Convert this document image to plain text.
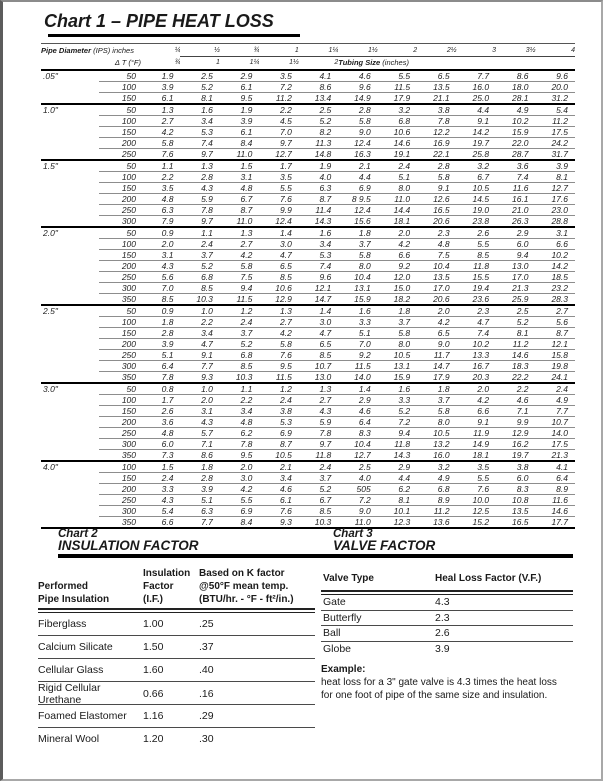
Chart 1 – PIPE HEAT LOSS
Pipe Diameter (IPS) inches		¼	½	¾	1	1¼	1½	2	2½	3	3½	4
Δ T (°F)		¾	1	1¼	1½	2	Tubing Size (inches)					
.05"	50	1.9	2.5	2.9	3.5	4.1	4.6	5.5	6.5	7.7	8.6	9.6
	100	3.9	5.2	6.1	7.2	8.6	9.6	11.5	13.5	16.0	18.0	20.0
	150	6.1	8.1	9.5	11.2	13.4	14.9	17.9	21.1	25.0	28.1	31.2
1.0"	50	1.3	1.6	1.9	2.2	2.5	2.8	3.2	3.8	4.4	4.9	5.4
	100	2.7	3.4	3.9	4.5	5.2	5.8	6.8	7.8	9.1	10.2	11.2
	150	4.2	5.3	6.1	7.0	8.2	9.0	10.6	12.2	14.2	15.9	17.5
	200	5.8	7.4	8.4	9.7	11.3	12.4	14.6	16.9	19.7	22.0	24.2
	250	7.6	9.7	11.0	12.7	14.8	16.3	19.1	22.1	25.8	28.7	31.7
1.5"	50	1.1	1.3	1.5	1.7	1.9	2.1	2.4	2.8	3.2	3.6	3.9
	100	2.2	2.8	3.1	3.5	4.0	4.4	5.1	5.8	6.7	7.4	8.1
	150	3.5	4.3	4.8	5.5	6.3	6.9	8.0	9.1	10.5	11.6	12.7
	200	4.8	5.9	6.7	7.6	8.7	8 9.5	11.0	12.6	14.5	16.1	17.6
	250	6.3	7.8	8.7	9.9	11.4	12.4	14.4	16.5	19.0	21.0	23.0
	300	7.9	9.7	11.0	12.4	14.3	15.6	18.1	20.6	23.8	26.3	28.8
2.0"	50	0.9	1.1	1.3	1.4	1.6	1.8	2.0	2.3	2.6	2.9	3.1
	100	2.0	2.4	2.7	3.0	3.4	3.7	4.2	4.8	5.5	6.0	6.6
	150	3.1	3.7	4.2	4.7	5.3	5.8	6.6	7.5	8.5	9.4	10.2
	200	4.3	5.2	5.8	6.5	7.4	8.0	9.2	10.4	11.8	13.0	14.2
	250	5.6	6.8	7.5	8.5	9.6	10.4	12.0	13.5	15.5	17.0	18.5
	300	7.0	8.5	9.4	10.6	12.1	13.1	15.0	17.0	19.4	21.3	23.2
	350	8.5	10.3	11.5	12.9	14.7	15.9	18.2	20.6	23.6	25.9	28.3
2.5"	50	0.9	1.0	1.2	1.3	1.4	1.6	1.8	2.0	2.3	2.5	2.7
	100	1.8	2.2	2.4	2.7	3.0	3.3	3.7	4.2	4.7	5.2	5.6
	150	2.8	3.4	3.7	4.2	4.7	5.1	5.8	6.5	7.4	8.1	8.7
	200	3.9	4.7	5.2	5.8	6.5	7.0	8.0	9.0	10.2	11.2	12.1
	250	5.1	9.1	6.8	7.6	8.5	9.2	10.5	11.7	13.3	14.6	15.8
	300	6.4	7.7	8.5	9.5	10.7	11.5	13.1	14.7	16.7	18.3	19.8
	350	7.8	9.3	10.3	11.5	13.0	14.0	15.9	17.9	20.3	22.2	24.1
3.0"	50	0.8	1.0	1.1	1.2	1.3	1.4	1.6	1.8	2.0	2.2	2.4
	100	1.7	2.0	2.2	2.4	2.7	2.9	3.3	3.7	4.2	4.6	4.9
	150	2.6	3.1	3.4	3.8	4.3	4.6	5.2	5.8	6.6	7.1	7.7
	200	3.6	4.3	4.8	5.3	5.9	6.4	7.2	8.0	9.1	9.9	10.7
	250	4.8	5.7	6.2	6.9	7.8	8.3	9.4	10.5	11.9	12.9	14.0
	300	6.0	7.1	7.8	8.7	9.7	10.4	11.8	13.2	14.9	16.2	17.5
	350	7.3	8.6	9.5	10.5	11.8	12.7	14.3	16.0	18.1	19.7	21.3
4.0"	100	1.5	1.8	2.0	2.1	2.4	2.5	2.9	3.2	3.5	3.8	4.1
	150	2.4	2.8	3.0	3.4	3.7	4.0	4.4	4.9	5.5	6.0	6.4
	200	3.3	3.9	4.2	4.6	5.2	505	6.2	6.8	7.6	8.3	8.9
	250	4.3	5.1	5.5	6.1	6.7	7.2	8.1	8.9	10.0	10.8	11.6
	300	5.4	6.3	6.9	7.6	8.5	9.0	10.1	11.2	12.5	13.5	14.6
	350	6.6	7.7	8.4	9.3	10.3	11.0	12.3	13.6	15.2	16.5	17.7
Chart 2
INSULATION FACTOR
Chart 3
VALVE FACTOR
Performed
Pipe Insulation
Insulation
Factor
(I.F.)
Based on K factor
@50°F mean temp.
(BTU/hr. - °F - ft²/in.)
Fiberglass	1.00	.25
Calcium Silicate	1.50	.37
Cellular Glass	1.60	.40
Rigid Cellular Urethane	0.66	.16
Foamed Elastomer	1.16	.29
Mineral Wool	1.20	.30
Valve Type	Heal Loss Factor (V.F.)
Gate	4.3
Butterfly	2.3
Ball	2.6
Globe	3.9
Example:
heat loss for a 3" gate valve is 4.3 times the heat loss
for one foot of pipe of the same size and insulation.
